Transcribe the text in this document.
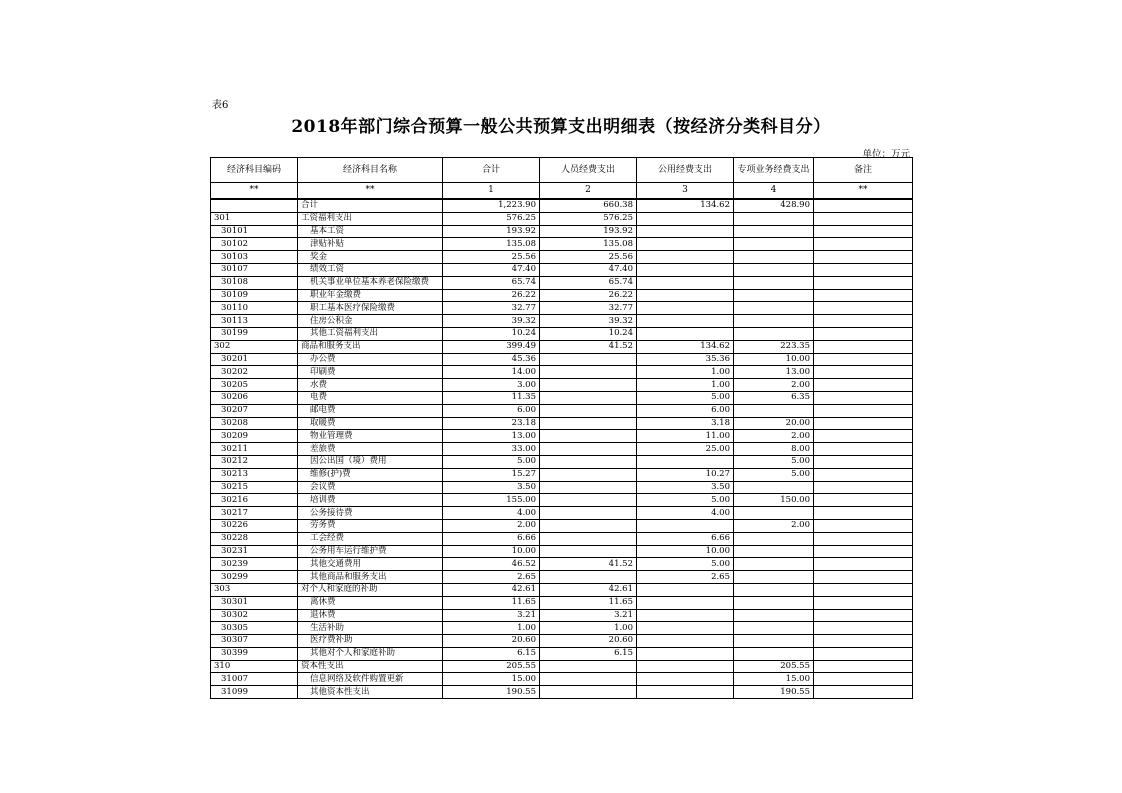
表6
2018年部门综合预算一般公共预算支出明细表（按经济分类科目分）
单位：万元
经济科目编码	经济科目名称	合计	人员经费支出	公用经费支出	专项业务经费支出	备注
**	**	1	2	3	4	**
	合计	1,223.90	660.38	134.62	428.90	
301	工资福利支出	576.25	576.25			
30101	基本工资	193.92	193.92			
30102	津贴补贴	135.08	135.08			
30103	奖金	25.56	25.56			
30107	绩效工资	47.40	47.40			
30108	机关事业单位基本养老保险缴费	65.74	65.74			
30109	职业年金缴费	26.22	26.22			
30110	职工基本医疗保险缴费	32.77	32.77			
30113	住房公积金	39.32	39.32			
30199	其他工资福利支出	10.24	10.24			
302	商品和服务支出	399.49	41.52	134.62	223.35	
30201	办公费	45.36		35.36	10.00	
30202	印刷费	14.00		1.00	13.00	
30205	水费	3.00		1.00	2.00	
30206	电费	11.35		5.00	6.35	
30207	邮电费	6.00		6.00		
30208	取暖费	23.18		3.18	20.00	
30209	物业管理费	13.00		11.00	2.00	
30211	差旅费	33.00		25.00	8.00	
30212	因公出国（境）费用	5.00			5.00	
30213	维修(护)费	15.27		10.27	5.00	
30215	会议费	3.50		3.50		
30216	培训费	155.00		5.00	150.00	
30217	公务接待费	4.00		4.00		
30226	劳务费	2.00			2.00	
30228	工会经费	6.66		6.66		
30231	公务用车运行维护费	10.00		10.00		
30239	其他交通费用	46.52	41.52	5.00		
30299	其他商品和服务支出	2.65		2.65		
303	对个人和家庭的补助	42.61	42.61			
30301	离休费	11.65	11.65			
30302	退休费	3.21	3.21			
30305	生活补助	1.00	1.00			
30307	医疗费补助	20.60	20.60			
30399	其他对个人和家庭补助	6.15	6.15			
310	资本性支出	205.55			205.55	
31007	信息网络及软件购置更新	15.00			15.00	
31099	其他资本性支出	190.55			190.55	
